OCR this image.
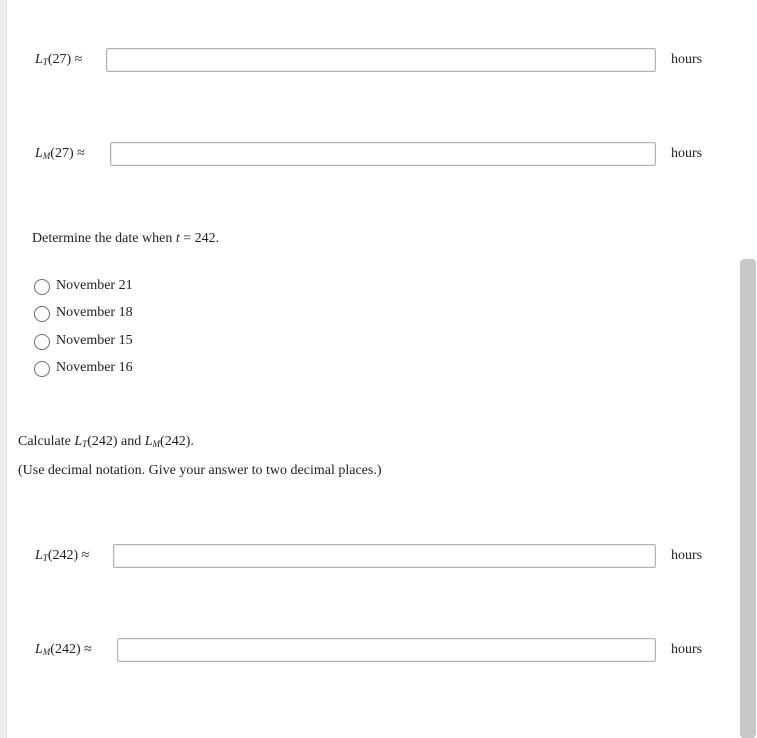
$L_T(27)$ ≈	hours
$L_M(27)$ ≈	hours
Determine the date when t = 242.
November 21
November 18
November 15
November 16
Calculate $L_T(242)$ and $L_M(242)$.
(Use decimal notation. Give your answer to two decimal places.)
$L_T(242)$ ≈	hours
$L_M(242)$ ≈	hours
